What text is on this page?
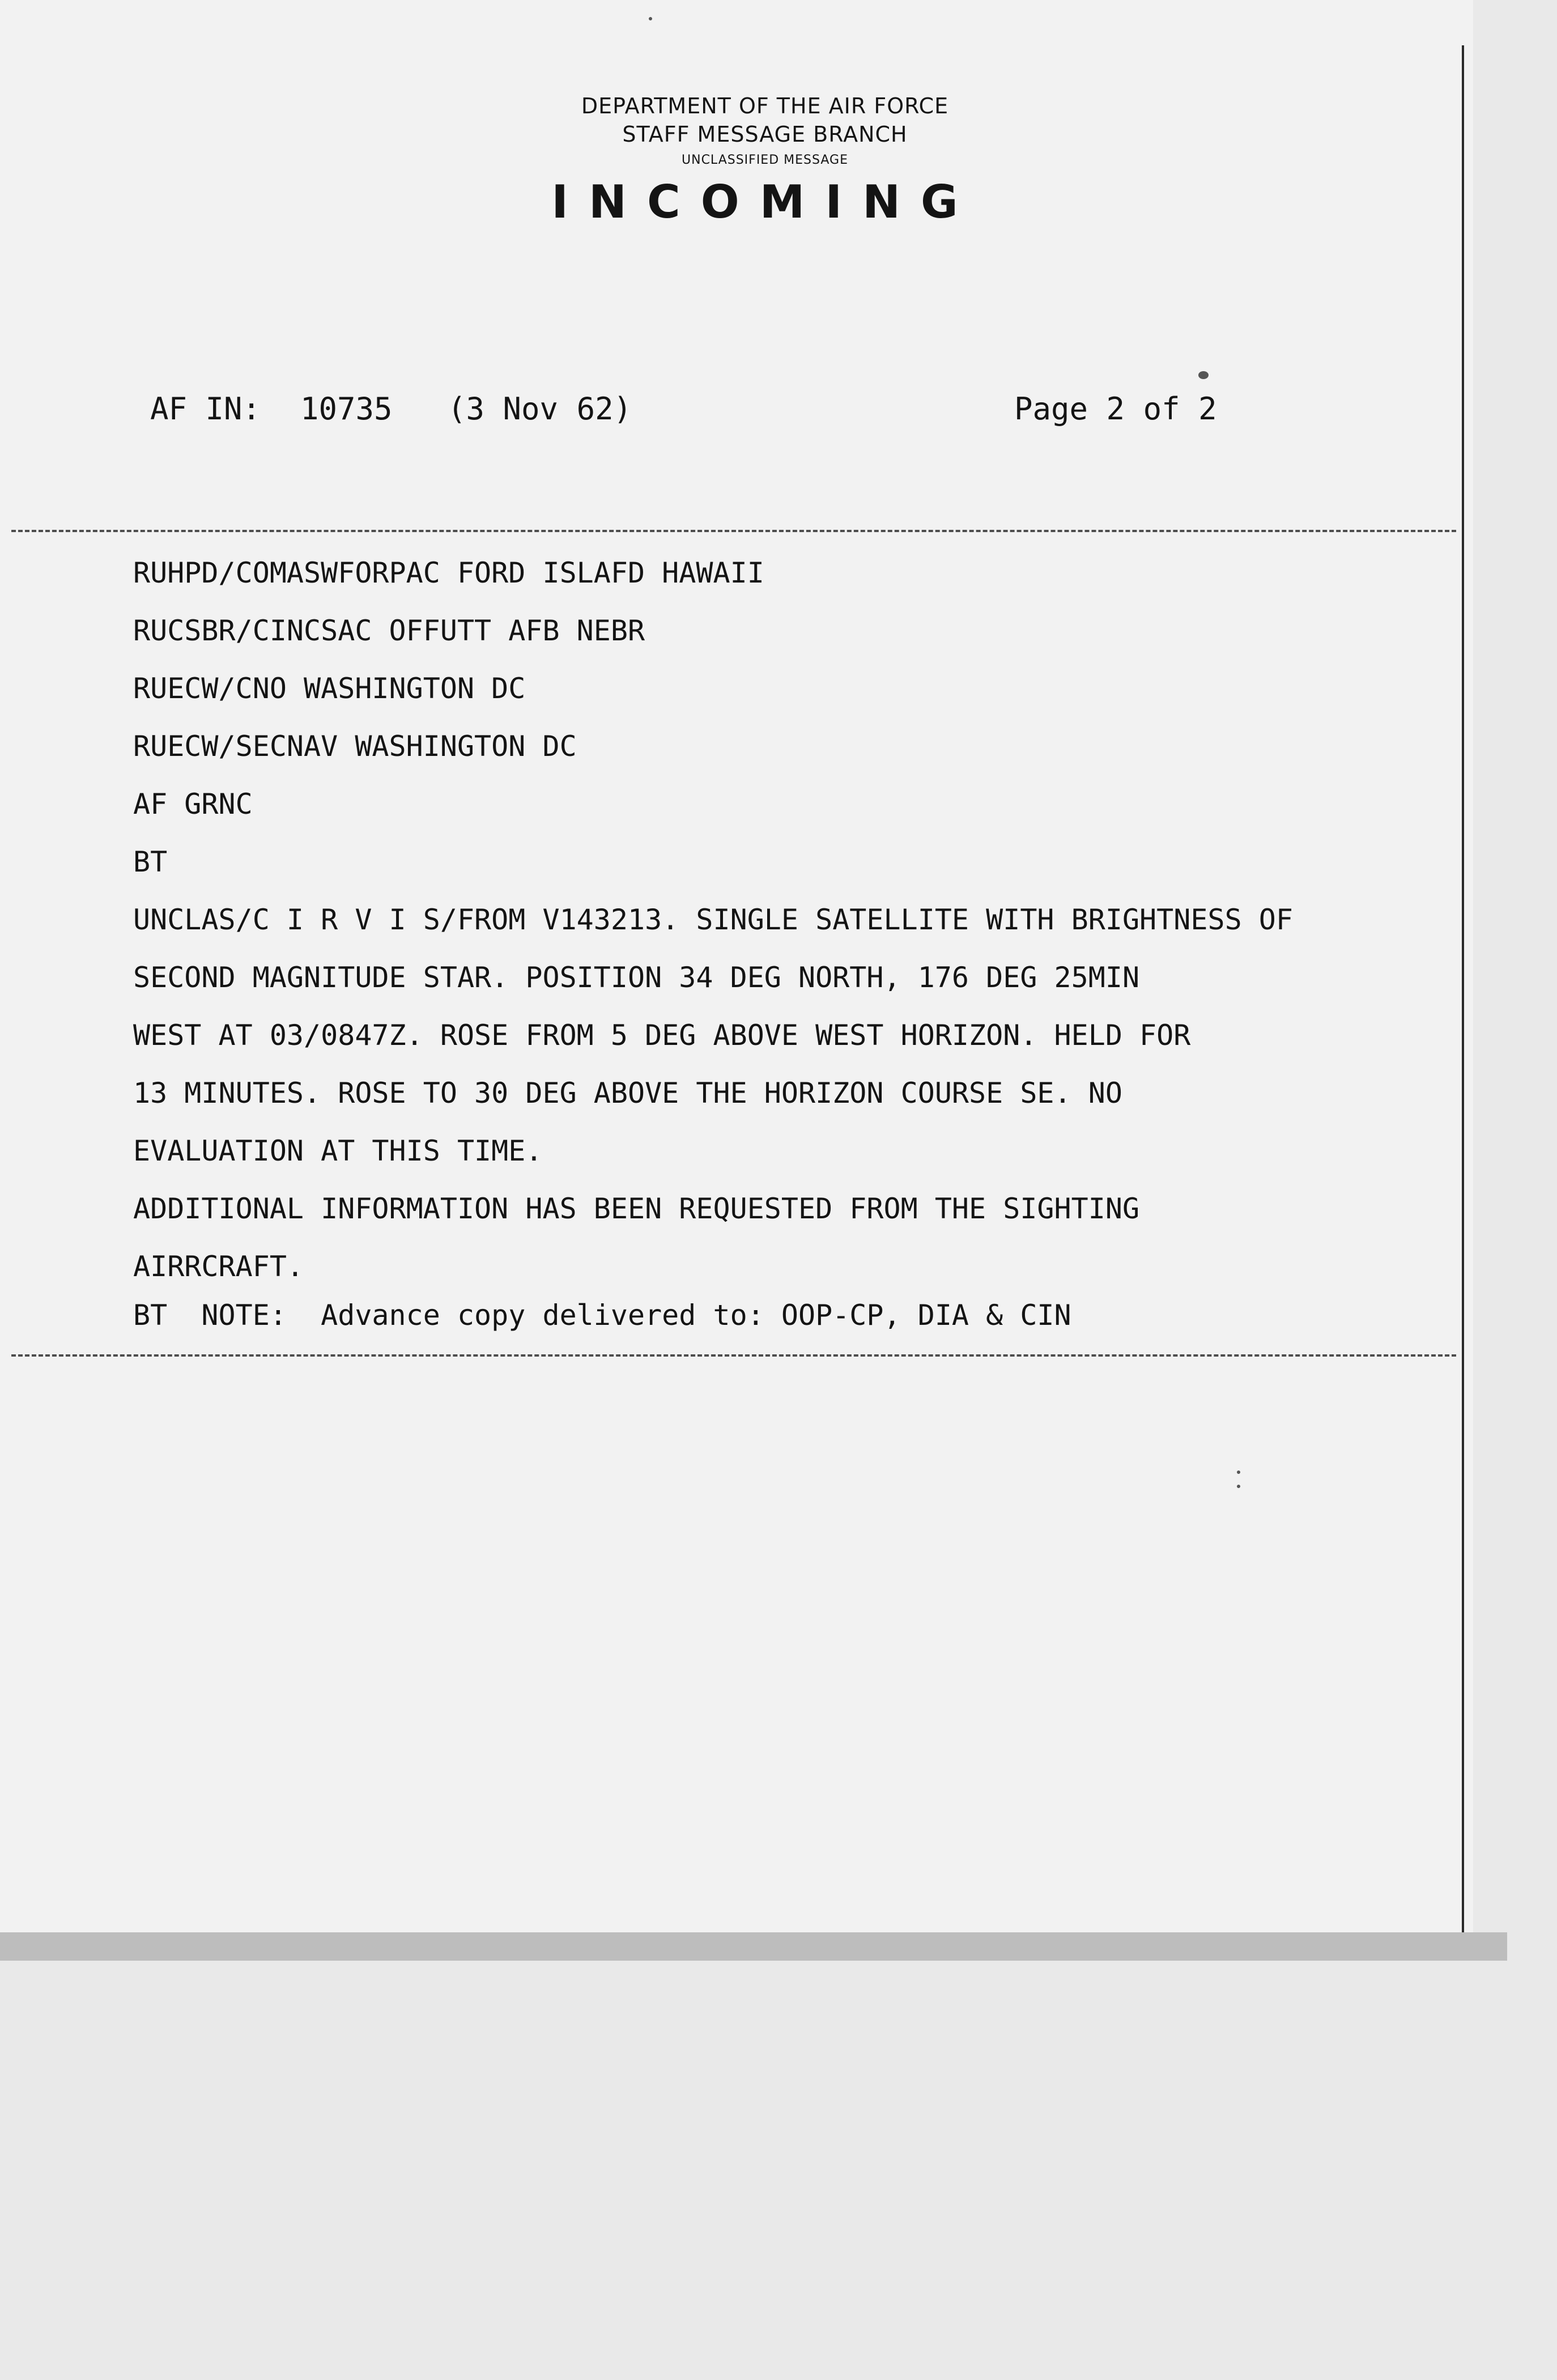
DEPARTMENT OF THE AIR FORCE
STAFF MESSAGE BRANCH
UNCLASSIFIED MESSAGE
INCOMING
AF IN: 10735 (3 Nov 62)	Page 2 of 2
RUHPD/COMASWFORPAC FORD ISLAFD HAWAII
RUCSBR/CINCSAC OFFUTT AFB NEBR
RUECW/CNO WASHINGTON DC
RUECW/SECNAV WASHINGTON DC
AF GRNC
BT
UNCLAS/C I R V I S/FROM V143213. SINGLE SATELLITE WITH BRIGHTNESS OF
SECOND MAGNITUDE STAR. POSITION 34 DEG NORTH, 176 DEG 25MIN
WEST AT 03/0847Z. ROSE FROM 5 DEG ABOVE WEST HORIZON. HELD FOR
13 MINUTES. ROSE TO 30 DEG ABOVE THE HORIZON COURSE SE. NO
EVALUATION AT THIS TIME.
ADDITIONAL INFORMATION HAS BEEN REQUESTED FROM THE SIGHTING
AIRRCRAFT.
BT  NOTE:  Advance copy delivered to: OOP-CP, DIA & CIN
